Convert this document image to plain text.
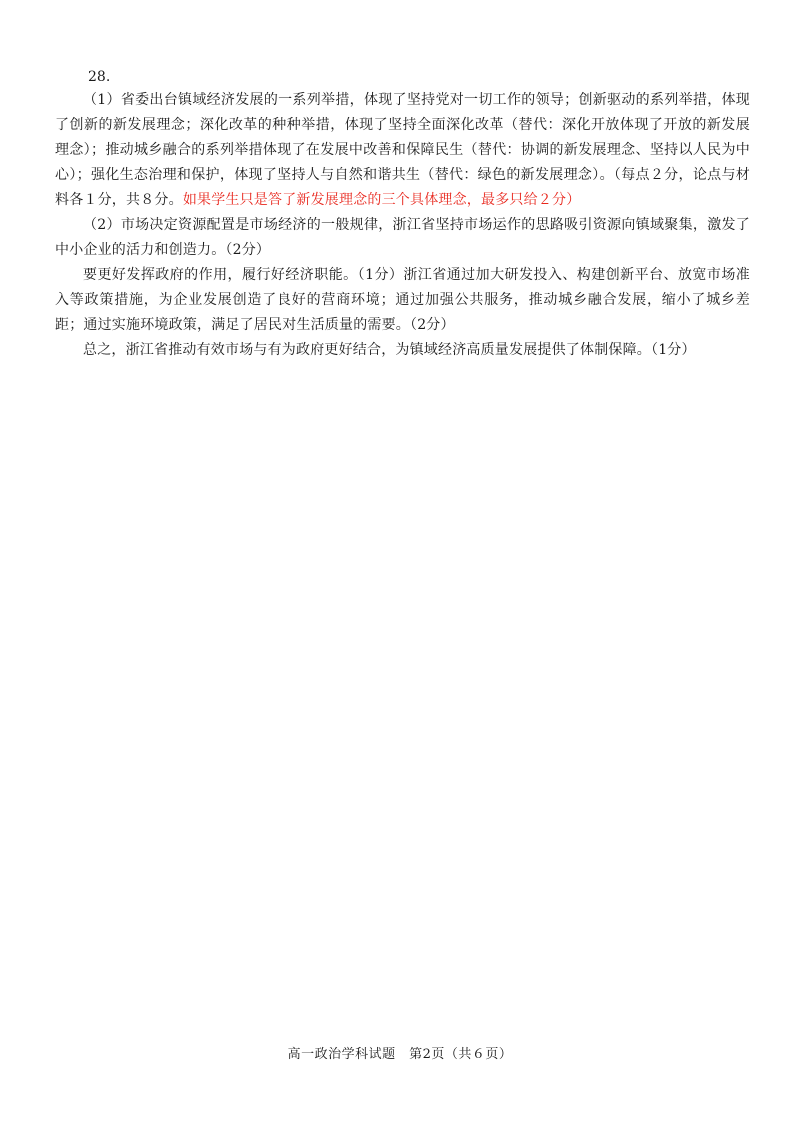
28.

（1）省委出台镇域经济发展的一系列举措，体现了坚持党对一切工作的领导；创新驱动的系列举措，体现了创新的新发展理念；深化改革的种种举措，体现了坚持全面深化改革（替代：深化开放体现了开放的新发展理念）；推动城乡融合的系列举措体现了在发展中改善和保障民生（替代：协调的新发展理念、坚持以人民为中心）；强化生态治理和保护，体现了坚持人与自然和谐共生（替代：绿色的新发展理念）。（每点２分，论点与材料各１分，共８分。如果学生只是答了新发展理念的三个具体理念，最多只给２分）

（2）市场决定资源配置是市场经济的一般规律，浙江省坚持市场运作的思路吸引资源向镇域聚集，激发了中小企业的活力和创造力。（2分）

要更好发挥政府的作用，履行好经济职能。（1分）浙江省通过加大研发投入、构建创新平台、放宽市场准入等政策措施，为企业发展创造了良好的营商环境；通过加强公共服务，推动城乡融合发展，缩小了城乡差距；通过实施环境政策，满足了居民对生活质量的需要。（2分）

总之，浙江省推动有效市场与有为政府更好结合，为镇域经济高质量发展提供了体制保障。（1分）

高一政治学科试题　第2页（共６页）
